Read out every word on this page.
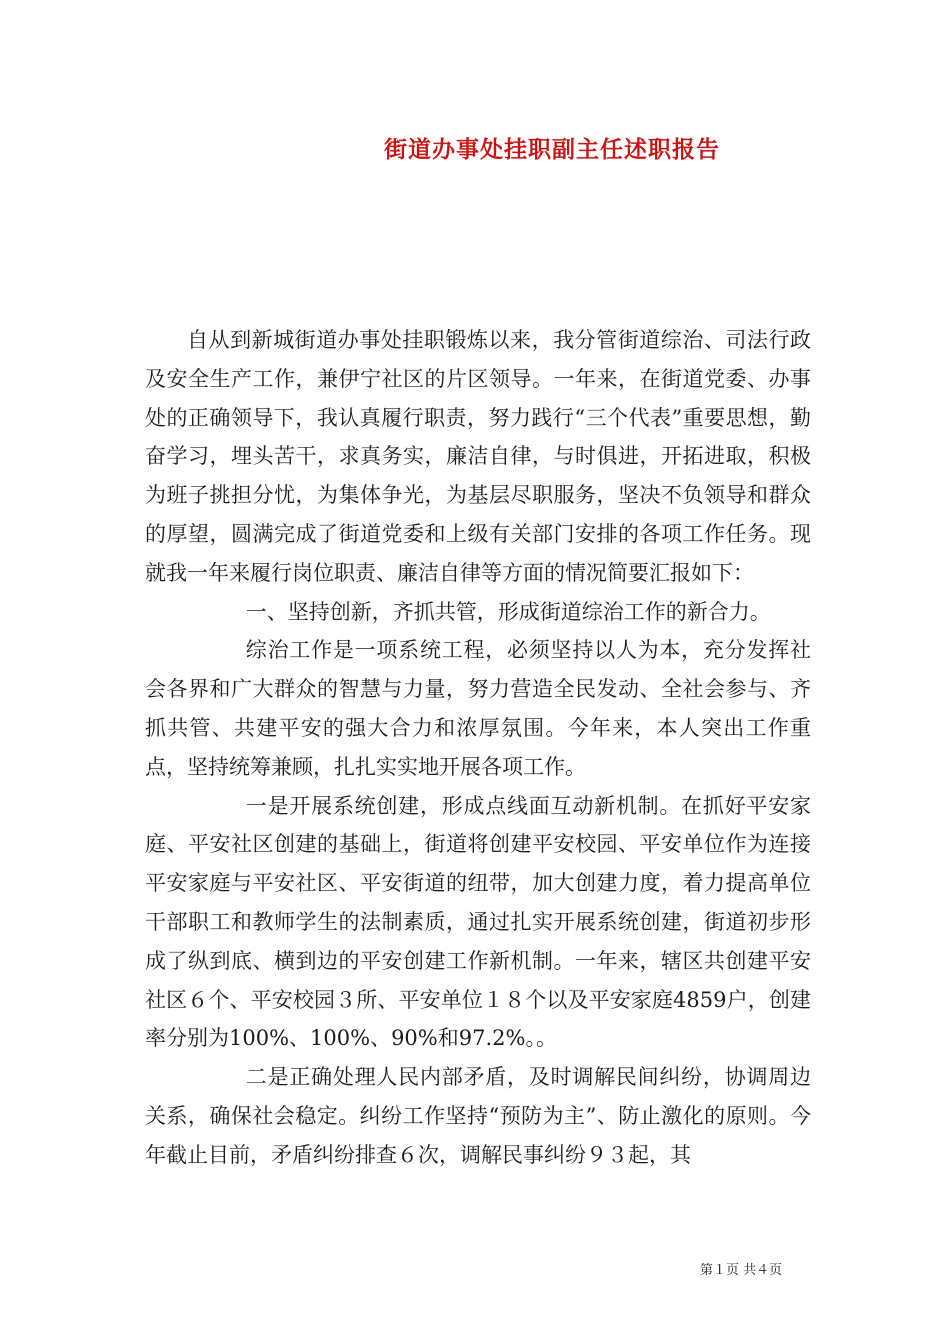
街道办事处挂职副主任述职报告

自从到新城街道办事处挂职锻炼以来，我分管街道综治、司法行政及安全生产工作，兼伊宁社区的片区领导。一年来，在街道党委、办事处的正确领导下，我认真履行职责，努力践行“三个代表”重要思想，勤奋学习，埋头苦干，求真务实，廉洁自律，与时俱进，开拓进取，积极为班子挑担分忧，为集体争光，为基层尽职服务，坚决不负领导和群众的厚望，圆满完成了街道党委和上级有关部门安排的各项工作任务。现就我一年来履行岗位职责、廉洁自律等方面的情况简要汇报如下：

一、坚持创新，齐抓共管，形成街道综治工作的新合力。

综治工作是一项系统工程，必须坚持以人为本，充分发挥社会各界和广大群众的智慧与力量，努力营造全民发动、全社会参与、齐抓共管、共建平安的强大合力和浓厚氛围。今年来，本人突出工作重点，坚持统筹兼顾，扎扎实实地开展各项工作。

一是开展系统创建，形成点线面互动新机制。在抓好平安家庭、平安社区创建的基础上，街道将创建平安校园、平安单位作为连接平安家庭与平安社区、平安街道的纽带，加大创建力度，着力提高单位干部职工和教师学生的法制素质，通过扎实开展系统创建，街道初步形成了纵到底、横到边的平安创建工作新机制。一年来，辖区共创建平安社区６个、平安校园３所、平安单位１８个以及平安家庭4859户，创建率分别为100%、100%、90%和97.2%。。

二是正确处理人民内部矛盾，及时调解民间纠纷，协调周边关系，确保社会稳定。纠纷工作坚持“预防为主”、防止激化的原则。今年截止目前，矛盾纠纷排查６次，调解民事纠纷９３起，其

第１页 共４页
